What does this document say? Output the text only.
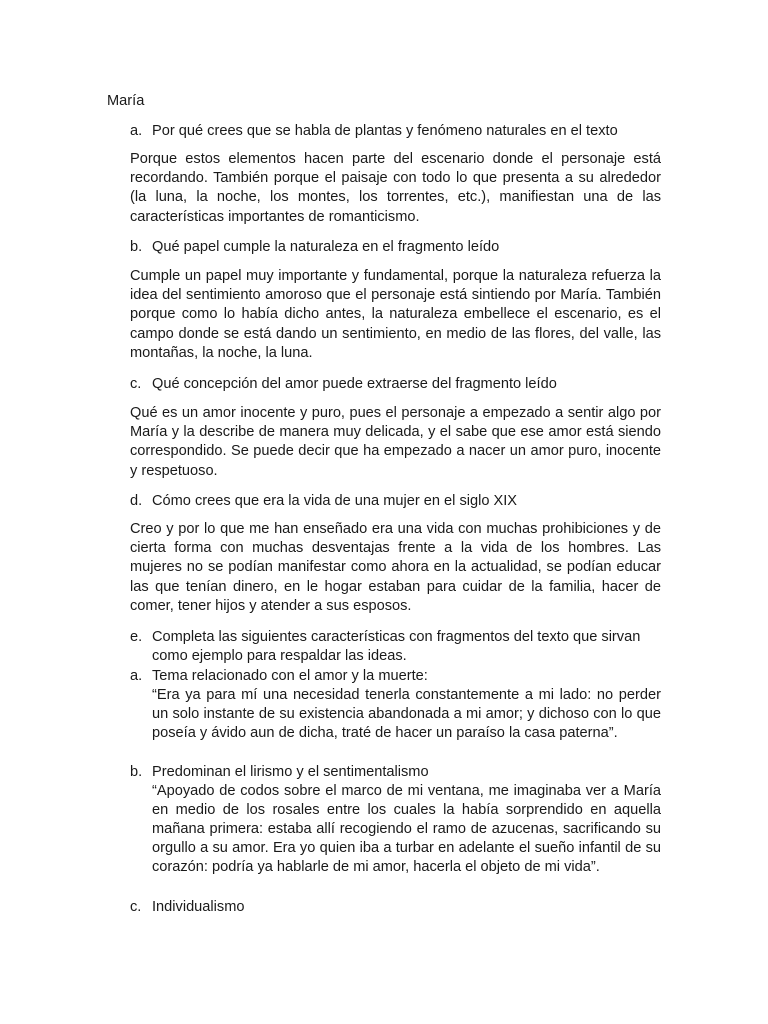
María
a. Por qué crees que se habla de plantas y fenómeno naturales en el texto

Porque estos elementos hacen parte del escenario donde el personaje está recordando. También porque el paisaje con todo lo que presenta a su alrededor (la luna, la noche, los montes, los torrentes, etc.), manifiestan una de las características importantes de romanticismo.

b. Qué papel cumple la naturaleza en el fragmento leído

Cumple un papel muy importante y fundamental, porque la naturaleza refuerza la idea del sentimiento amoroso que el personaje está sintiendo por María. También porque como lo había dicho antes, la naturaleza embellece el escenario, es el campo donde se está dando un sentimiento, en medio de las flores, del valle, las montañas, la noche, la luna.

c. Qué concepción del amor puede extraerse del fragmento leído

Qué es un amor inocente y puro, pues el personaje a empezado a sentir algo por María y la describe de manera muy delicada, y el sabe que ese amor está siendo correspondido. Se puede decir que ha empezado a nacer un amor puro, inocente y respetuoso.

d. Cómo crees que era la vida de una mujer en el siglo XIX

Creo y por lo que me han enseñado era una vida con muchas prohibiciones y de cierta forma con muchas desventajas frente a la vida de los hombres. Las mujeres no se podían manifestar como ahora en la actualidad, se podían educar las que tenían dinero, en le hogar estaban para cuidar de la familia, hacer de comer, tener hijos y atender a sus esposos.

e. Completa las siguientes características con fragmentos del texto que sirvan como ejemplo para respaldar las ideas.
a. Tema relacionado con el amor y la muerte:
“Era ya para mí una necesidad tenerla constantemente a mi lado: no perder un solo instante de su existencia abandonada a mi amor; y dichoso con lo que poseía y ávido aun de dicha, traté de hacer un paraíso la casa paterna”.
b. Predominan el lirismo y el sentimentalismo
“Apoyado de codos sobre el marco de mi ventana, me imaginaba ver a María en medio de los rosales entre los cuales la había sorprendido en aquella mañana primera: estaba allí recogiendo el ramo de azucenas, sacrificando su orgullo a su amor. Era yo quien iba a turbar en adelante el sueño infantil de su corazón: podría ya hablarle de mi amor, hacerla el objeto de mi vida”.
c. Individualismo
